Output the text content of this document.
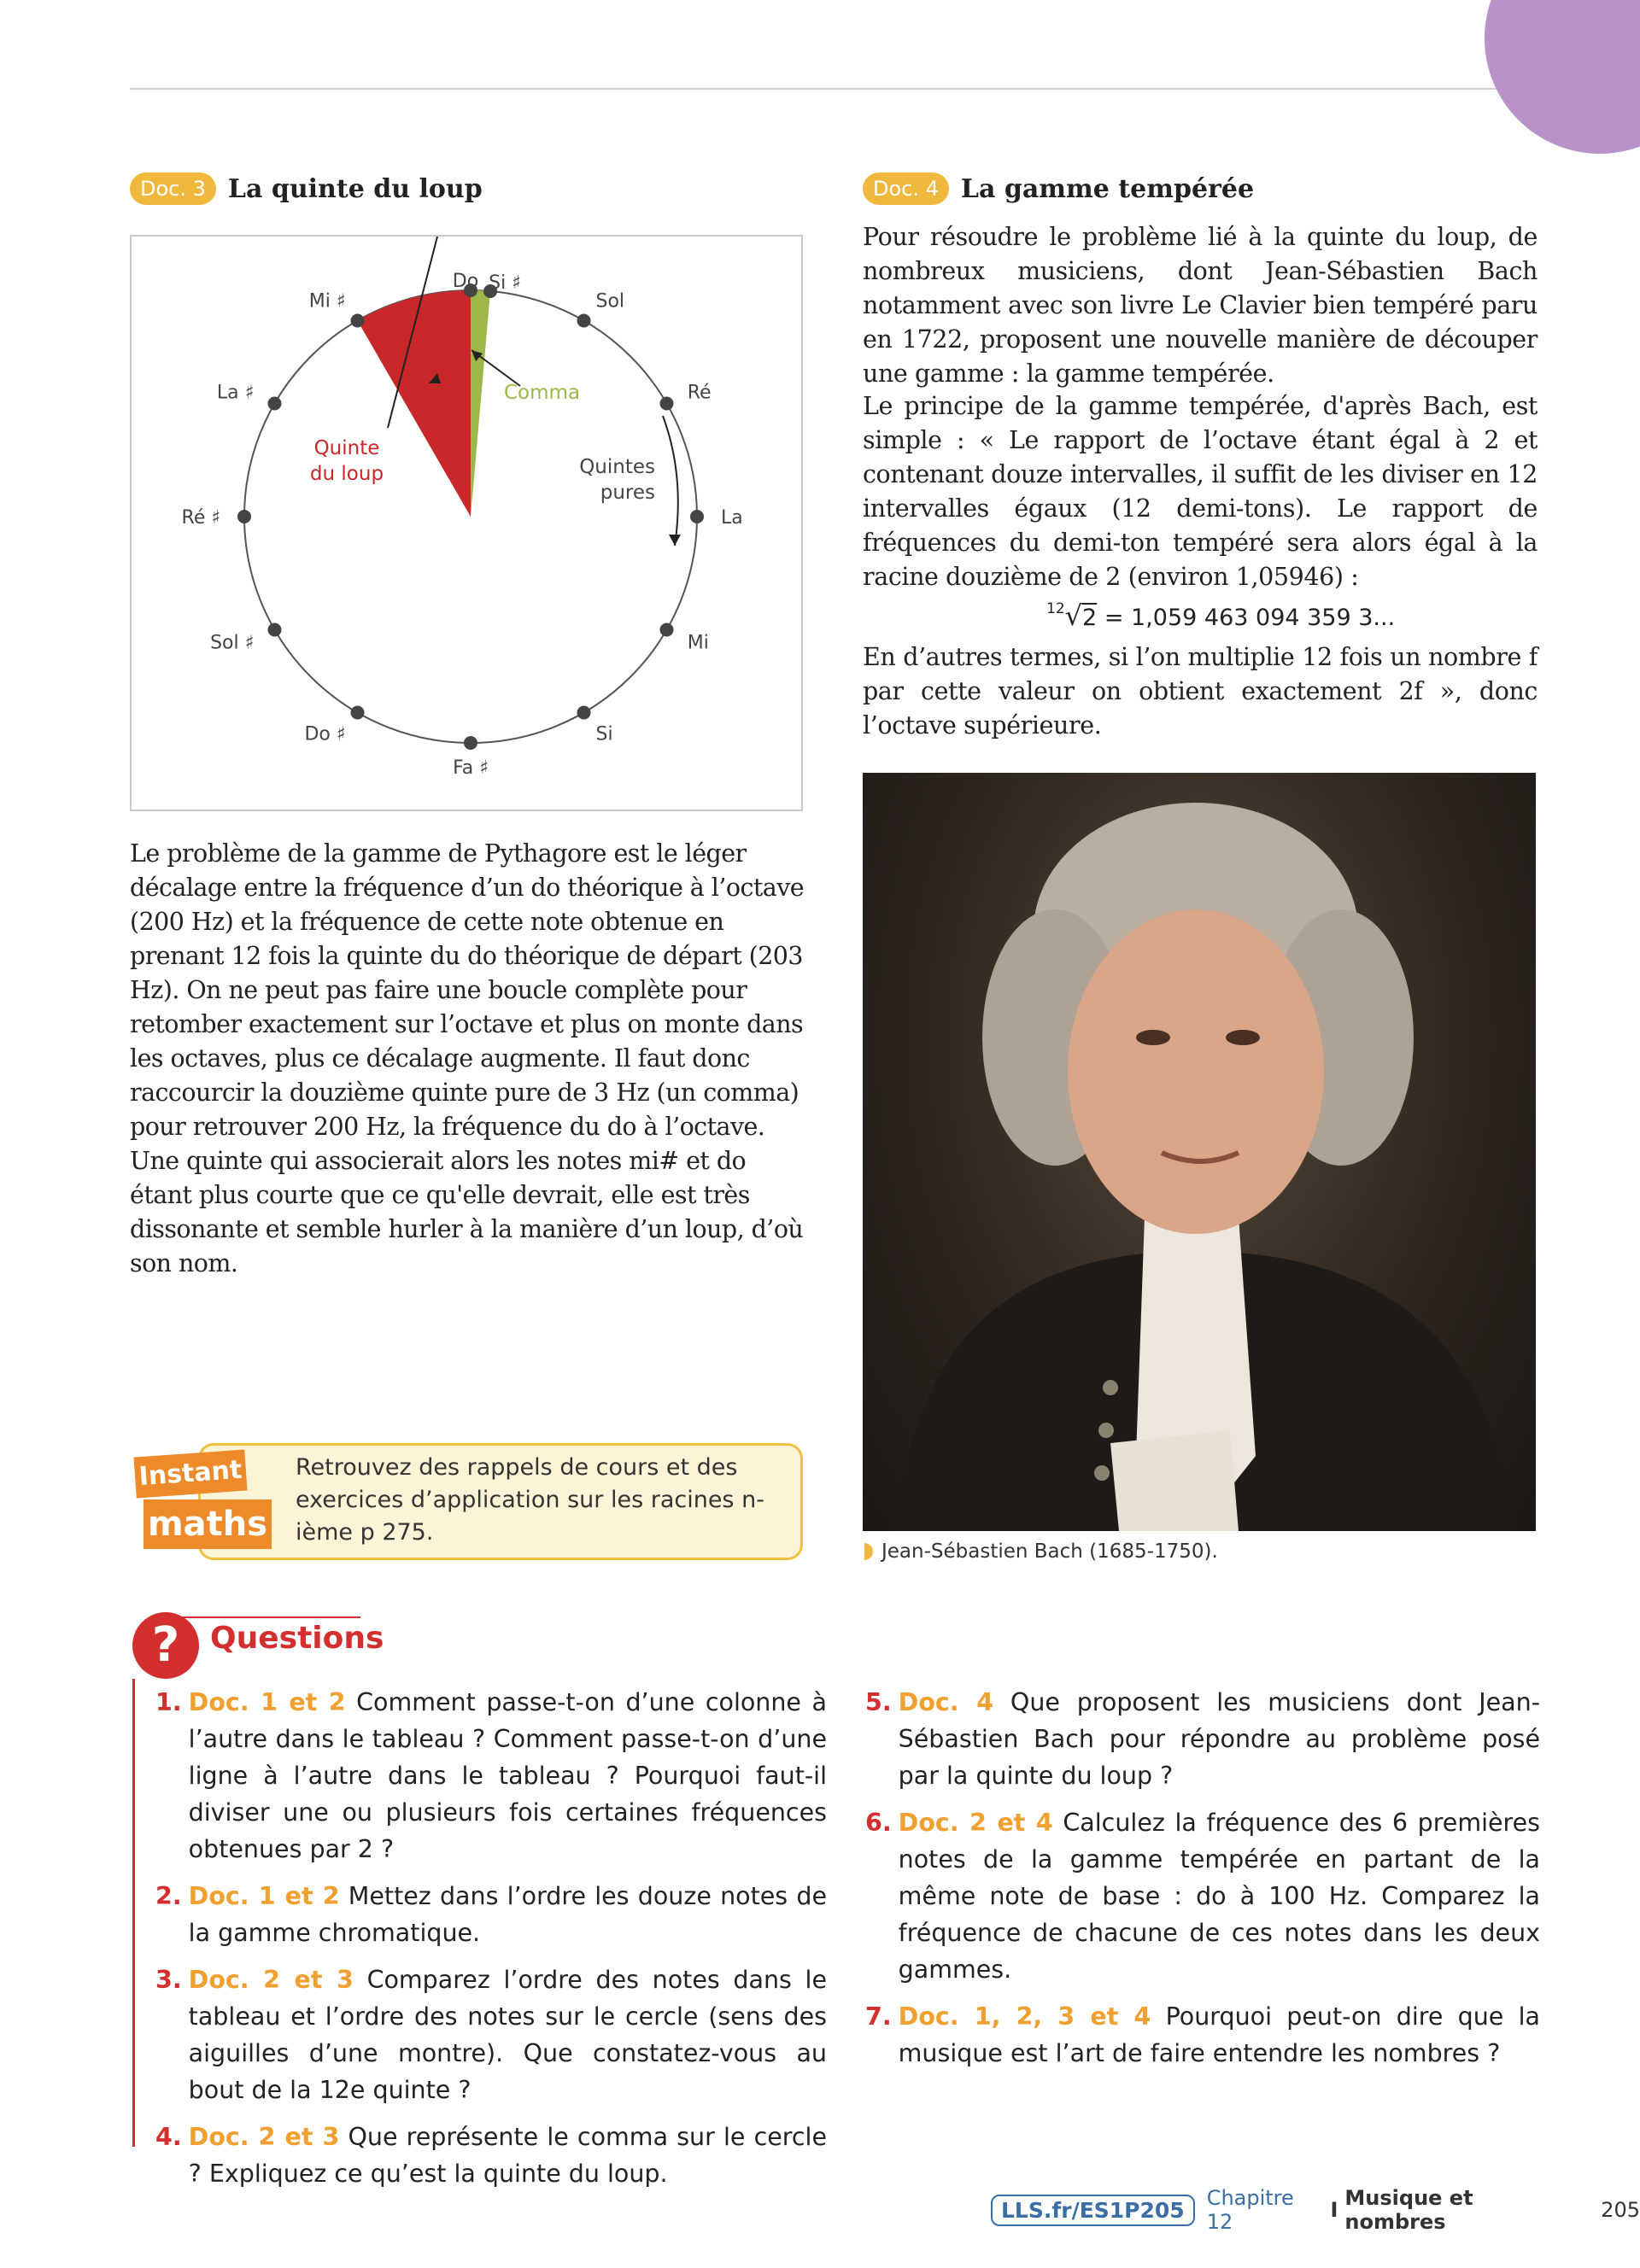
Doc. 3 La quinte du loup
Do Si ♯
Sol
Ré
La
Mi
Si
Fa ♯
Do ♯
Sol ♯
Ré ♯
La ♯
Mi ♯
Comma
Quinte
du loup	Quintes
pures

Le problème de la gamme de Pythagore est le léger décalage entre la fréquence d’un do théorique à l’octave (200 Hz) et la fréquence de cette note obtenue en prenant 12 fois la quinte du do théorique de départ (203 Hz). On ne peut pas faire une boucle complète pour retomber exactement sur l’octave et plus on monte dans les octaves, plus ce décalage augmente. Il faut donc raccourcir la douzième quinte pure de 3 Hz (un comma) pour retrouver 200 Hz, la fréquence du do à l’octave. Une quinte qui associerait alors les notes mi# et do étant plus courte que ce qu'elle devrait, elle est très dissonante et semble hurler à la manière d’un loup, d’où son nom.

Doc. 4 La gamme tempérée

Pour résoudre le problème lié à la quinte du loup, de nombreux musiciens, dont Jean-Sébastien Bach notamment avec son livre Le Clavier bien tempéré paru en 1722, proposent une nouvelle manière de découper une gamme : la gamme tempérée.

Le principe de la gamme tempérée, d'après Bach, est simple : « Le rapport de l’octave étant égal à 2 et contenant douze intervalles, il suffit de les diviser en 12 intervalles égaux (12 demi-tons). Le rapport de fréquences du demi-ton tempéré sera alors égal à la racine douzième de 2 (environ 1,05946) :

$^{12}$√2 = 1,059 463 094 359 3...

En d’autres termes, si l’on multiplie 12 fois un nombre f par cette valeur on obtient exactement 2f », donc l’octave supérieure.

Jean-Sébastien Bach (1685-1750).
Instant
maths

Retrouvez des rappels de cours et des exercices d’application sur les racines n-ième p 275.

? Questions
1. Doc. 1 et 2 Comment passe-t-on d’une colonne à l’autre dans le tableau ? Comment passe-t-on d’une ligne à l’autre dans le tableau ? Pourquoi faut-il diviser une ou plusieurs fois certaines fréquences obtenues par 2 ?
2. Doc. 1 et 2 Mettez dans l’ordre les douze notes de la gamme chromatique.
3. Doc. 2 et 3 Comparez l’ordre des notes dans le tableau et l’ordre des notes sur le cercle (sens des aiguilles d’une montre). Que constatez-vous au bout de la 12e quinte ?
4. Doc. 2 et 3 Que représente le comma sur le cercle ? Expliquez ce qu’est la quinte du loup.
5. Doc. 4 Que proposent les musiciens dont Jean-Sébastien Bach pour répondre au problème posé par la quinte du loup ?
6. Doc. 2 et 4 Calculez la fréquence des 6 premières notes de la gamme tempérée en partant de la même note de base : do à 100 Hz. Comparez la fréquence de chacune de ces notes dans les deux gammes.
7. Doc. 1, 2, 3 et 4 Pourquoi peut-on dire que la musique est l’art de faire entendre les nombres ?
LLS.fr/ES1P205	Chapitre 12	I Musique et nombres	205
